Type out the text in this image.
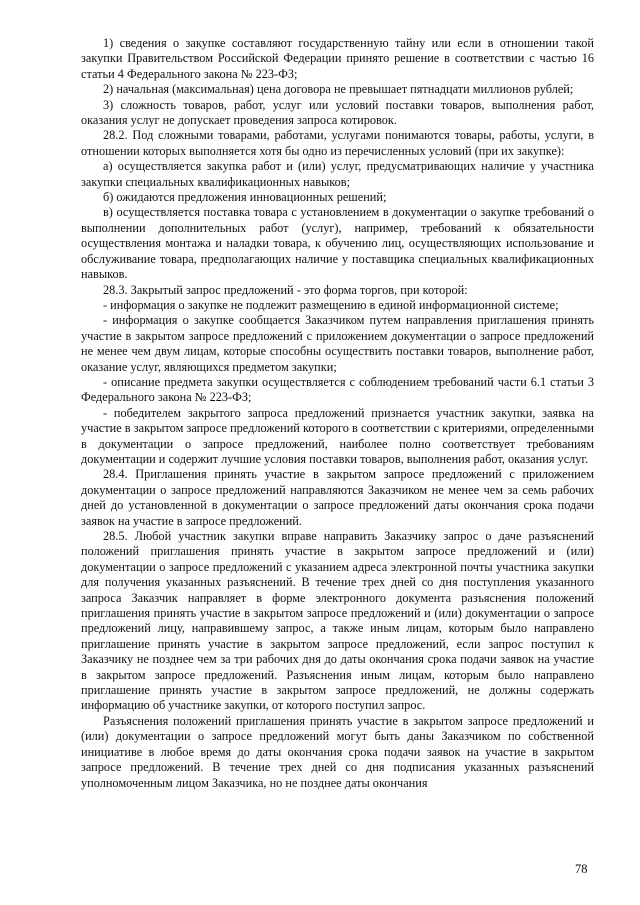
1) сведения о закупке составляют государственную тайну или если в отношении такой закупки Правительством Российской Федерации принято решение в соответствии с частью 16 статьи 4 Федерального закона № 223-ФЗ;

2) начальная (максимальная) цена договора не превышает пятнадцати миллионов рублей;

3) сложность товаров, работ, услуг или условий поставки товаров, выполнения работ, оказания услуг не допускает проведения запроса котировок.

28.2. Под сложными товарами, работами, услугами понимаются товары, работы, услуги, в отношении которых выполняется хотя бы одно из перечисленных условий (при их закупке):

а) осуществляется закупка работ и (или) услуг, предусматривающих наличие у участника закупки специальных квалификационных навыков;

б) ожидаются предложения инновационных решений;

в) осуществляется поставка товара с установлением в документации о закупке требований о выполнении дополнительных работ (услуг), например, требований к обязательности осуществления монтажа и наладки товара, к обучению лиц, осуществляющих использование и обслуживание товара, предполагающих наличие у поставщика специальных квалификационных навыков.

28.3. Закрытый запрос предложений - это форма торгов, при которой:

- информация о закупке не подлежит размещению в единой информационной системе;

- информация о закупке сообщается Заказчиком путем направления приглашения принять участие в закрытом запросе предложений с приложением документации о запросе предложений не менее чем двум лицам, которые способны осуществить поставки товаров, выполнение работ, оказание услуг, являющихся предметом закупки;

- описание предмета закупки осуществляется с соблюдением требований части 6.1 статьи 3 Федерального закона № 223-ФЗ;

- победителем закрытого запроса предложений признается участник закупки, заявка на участие в закрытом запросе предложений которого в соответствии с критериями, определенными в документации о запросе предложений, наиболее полно соответствует требованиям документации и содержит лучшие условия поставки товаров, выполнения работ, оказания услуг.

28.4. Приглашения принять участие в закрытом запросе предложений с приложением документации о запросе предложений направляются Заказчиком не менее чем за семь рабочих дней до установленной в документации о запросе предложений даты окончания срока подачи заявок на участие в запросе предложений.

28.5. Любой участник закупки вправе направить Заказчику запрос о даче разъяснений положений приглашения принять участие в закрытом запросе предложений и (или) документации о запросе предложений с указанием адреса электронной почты участника закупки для получения указанных разъяснений. В течение трех дней со дня поступления указанного запроса Заказчик направляет в форме электронного документа разъяснения положений приглашения принять участие в закрытом запросе предложений и (или) документации о запросе предложений лицу, направившему запрос, а также иным лицам, которым было направлено приглашение принять участие в закрытом запросе предложений, если запрос поступил к Заказчику не позднее чем за три рабочих дня до даты окончания срока подачи заявок на участие в закрытом запросе предложений. Разъяснения иным лицам, которым было направлено приглашение принять участие в закрытом запросе предложений, не должны содержать информацию об участнике закупки, от которого поступил запрос.

Разъяснения положений приглашения принять участие в закрытом запросе предложений и (или) документации о запросе предложений могут быть даны Заказчиком по собственной инициативе в любое время до даты окончания срока подачи заявок на участие в закрытом запросе предложений. В течение трех дней со дня подписания указанных разъяснений уполномоченным лицом Заказчика, но не позднее даты окончания

78
